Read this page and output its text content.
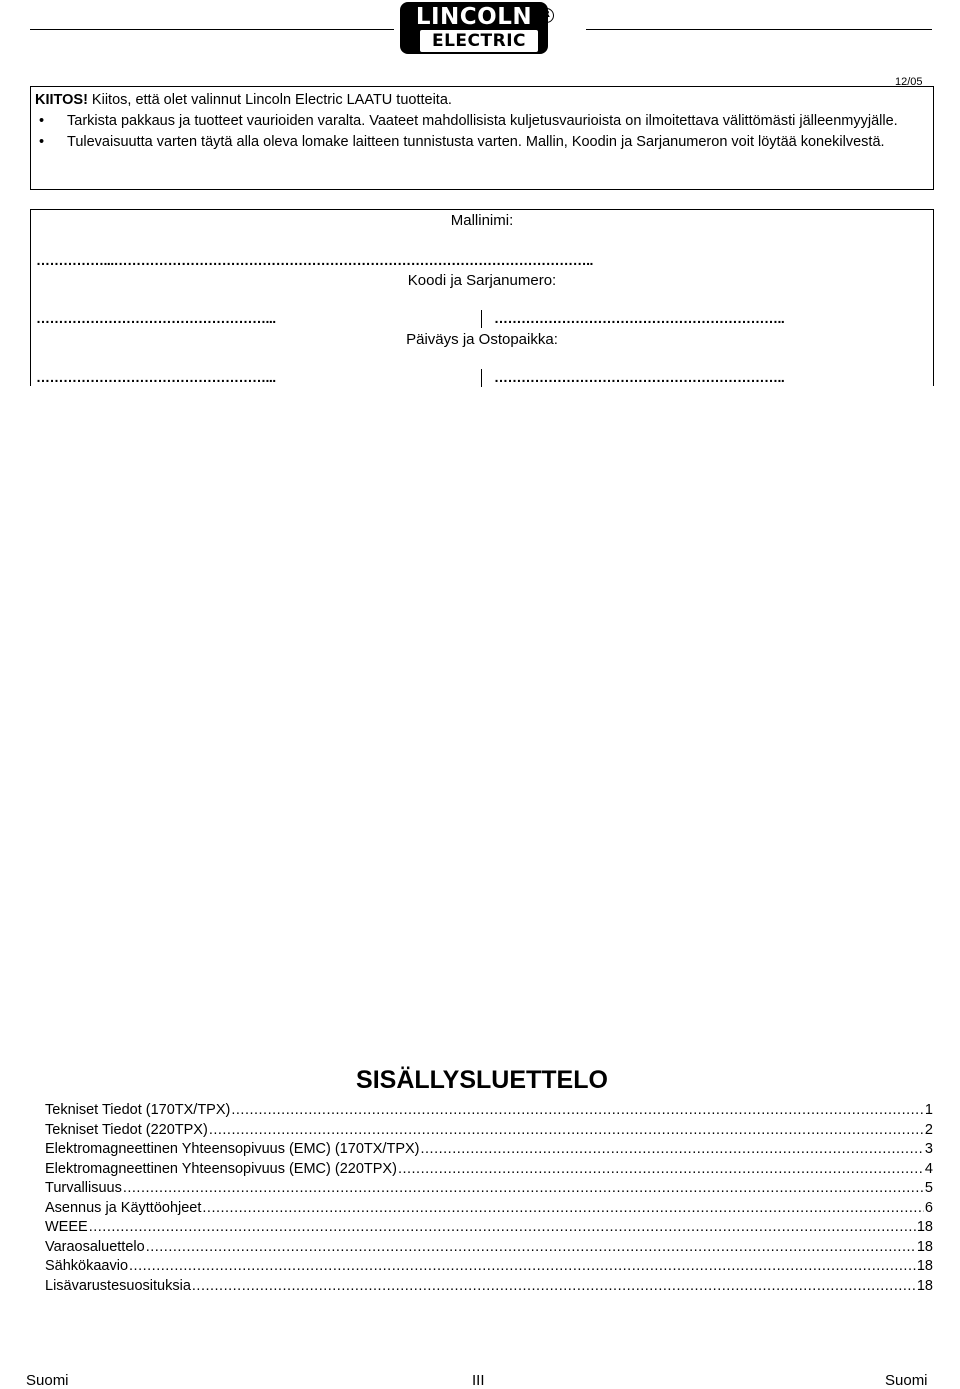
LINCOLN
ELECTRIC
R
12/05
KIITOS! Kiitos, että olet valinnut Lincoln Electric LAATU tuotteita.
• Tarkista pakkaus ja tuotteet vaurioiden varalta. Vaateet mahdollisista kuljetusvaurioista on ilmoitettava välittömästi jälleenmyyjälle.
• Tulevaisuutta varten täytä alla oleva lomake laitteen tunnistusta varten. Mallin, Koodin ja Sarjanumeron voit löytää konekilvestä.
Mallinimi:
……………...……………………………………………………………………………………………..
Koodi ja Sarjanumero:
……………………………………………...	………………………………………………………..
Päiväys ja Ostopaikka:
……………………………………………...	………………………………………………………..
SISÄLLYSLUETTELO
Tekniset Tiedot (170TX/TPX) .....	1
Tekniset Tiedot (220TPX) .....	2
Elektromagneettinen Yhteensopivuus (EMC) (170TX/TPX) .....	3
Elektromagneettinen Yhteensopivuus (EMC) (220TPX) .....	4
Turvallisuus .....	5
Asennus ja Käyttöohjeet .....	6
WEEE .....	18
Varaosaluettelo .....	18
Sähkökaavio .....	18
Lisävarustesuosituksia .....	18
Suomi	III	Suomi
